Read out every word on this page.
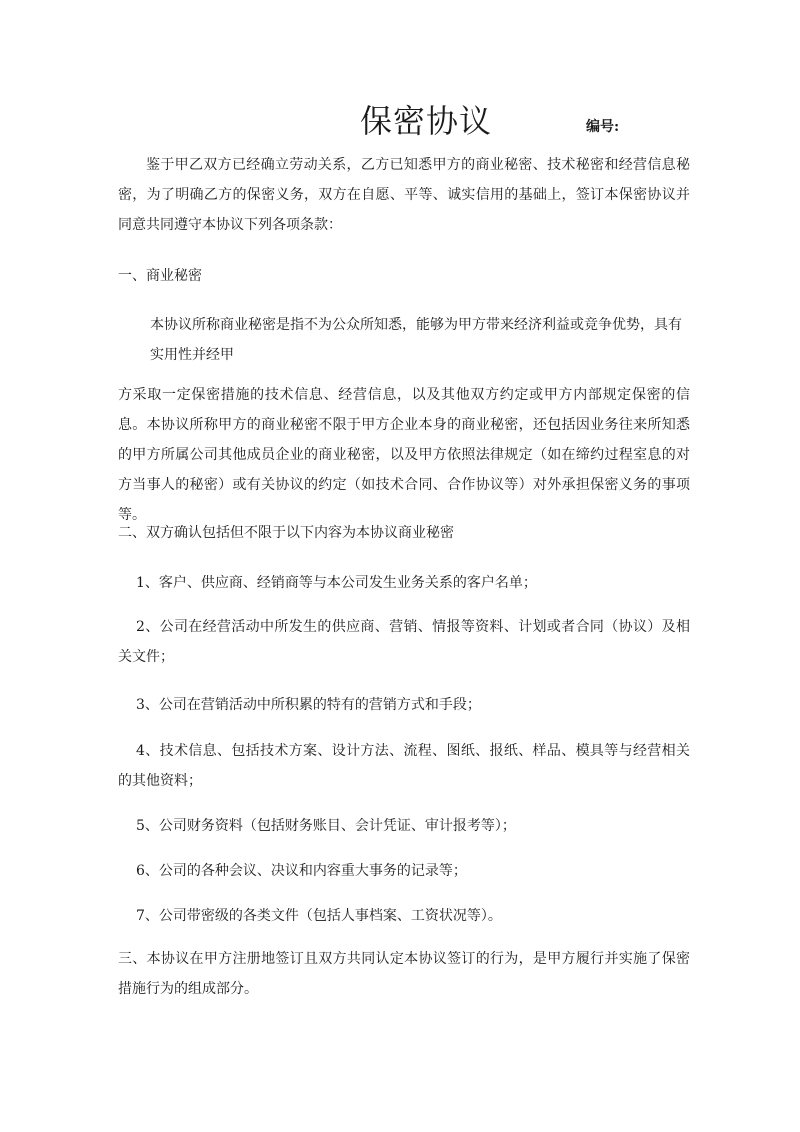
保密协议	编号:
鉴于甲乙双方已经确立劳动关系，乙方已知悉甲方的商业秘密、技术秘密和经营信息秘密，为了明确乙方的保密义务，双方在自愿、平等、诚实信用的基础上，签订本保密协议并同意共同遵守本协议下列各项条款：
一、商业秘密
本协议所称商业秘密是指不为公众所知悉，能够为甲方带来经济利益或竞争优势，具有
实用性并经甲
方采取一定保密措施的技术信息、经营信息，以及其他双方约定或甲方内部规定保密的信息。本协议所称甲方的商业秘密不限于甲方企业本身的商业秘密，还包括因业务往来所知悉的甲方所属公司其他成员企业的商业秘密，以及甲方依照法律规定（如在缔约过程室息的对方当事人的秘密）或有关协议的约定（如技术合同、合作协议等）对外承担保密义务的事项等。
二、双方确认包括但不限于以下内容为本协议商业秘密
1、客户、供应商、经销商等与本公司发生业务关系的客户名单；
2、公司在经营活动中所发生的供应商、营销、情报等资料、计划或者合同（协议）及相关文件；
3、公司在营销活动中所积累的特有的营销方式和手段；
4、技术信息、包括技术方案、设计方法、流程、图纸、报纸、样品、模具等与经营相关的其他资料；
5、公司财务资料（包括财务账目、会计凭证、审计报考等）；
6、公司的各种会议、决议和内容重大事务的记录等；
7、公司带密级的各类文件（包括人事档案、工资状况等）。
三、本协议在甲方注册地签订且双方共同认定本协议签订的行为，是甲方履行并实施了保密措施行为的组成部分。
